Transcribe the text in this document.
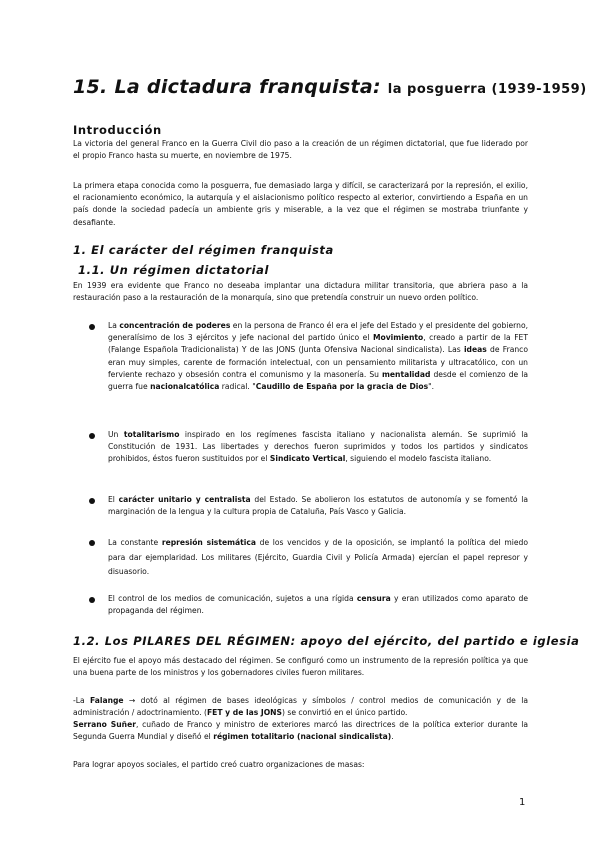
15. La dictadura franquista: la posguerra (1939-1959)
Introducción
La victoria del general Franco en la Guerra Civil dio paso a la creación de un régimen dictatorial, que fue liderado por el propio Franco hasta su muerte, en noviembre de 1975.
La primera etapa conocida como la posguerra, fue demasiado larga y difícil, se caracterizará por la represión, el exilio, el racionamiento económico, la autarquía y el aislacionismo político respecto al exterior, convirtiendo a España en un país donde la sociedad padecía un ambiente gris y miserable, a la vez que el régimen se mostraba triunfante y desafiante.
1. El carácter del régimen franquista
1.1. Un régimen dictatorial
En 1939 era evidente que Franco no deseaba implantar una dictadura militar transitoria, que abriera paso a la restauración paso a la restauración de la monarquía, sino que pretendía construir un nuevo orden político.
La concentración de poderes en la persona de Franco él era el jefe del Estado y el presidente del gobierno, generalísimo de los 3 ejércitos y jefe nacional del partido único el Movimiento, creado a partir de la FET (Falange Española Tradicionalista) Y de las JONS (Junta Ofensiva Nacional sindicalista). Las ideas de Franco eran muy simples, carente de formación intelectual, con un pensamiento militarista y ultracatólico, con un ferviente rechazo y obsesión contra el comunismo y la masonería. Su mentalidad desde el comienzo de la guerra fue nacionalcatólica radical. "Caudillo de España por la gracia de Dios".
Un totalitarismo inspirado en los regímenes fascista italiano y nacionalista alemán. Se suprimió la Constitución de 1931. Las libertades y derechos fueron suprimidos y todos los partidos y sindicatos prohibidos, éstos fueron sustituidos por el Sindicato Vertical, siguiendo el modelo fascista italiano.
El carácter unitario y centralista del Estado. Se abolieron los estatutos de autonomía y se fomentó la marginación de la lengua y la cultura propia de Cataluña, País Vasco y Galicia.
La constante represión sistemática de los vencidos y de la oposición, se implantó la política del miedo para dar ejemplaridad. Los militares (Ejército, Guardia Civil y Policía Armada) ejercían el papel represor y disuasorio.
El control de los medios de comunicación, sujetos a una rígida censura y eran utilizados como aparato de propaganda del régimen.
1.2. Los PILARES DEL RÉGIMEN: apoyo del ejército, del partido e iglesia
El ejército fue el apoyo más destacado del régimen. Se configuró como un instrumento de la represión política ya que una buena parte de los ministros y los gobernadores civiles fueron militares.
-La Falange → dotó al régimen de bases ideológicas y símbolos / control medios de comunicación y de la administración / adoctrinamiento. (FET y de las JONS) se convirtió en el único partido.
Serrano Suñer, cuñado de Franco y ministro de exteriores marcó las directrices de la política exterior durante la Segunda Guerra Mundial y diseñó el régimen totalitario (nacional sindicalista).
Para lograr apoyos sociales, el partido creó cuatro organizaciones de masas:
1
